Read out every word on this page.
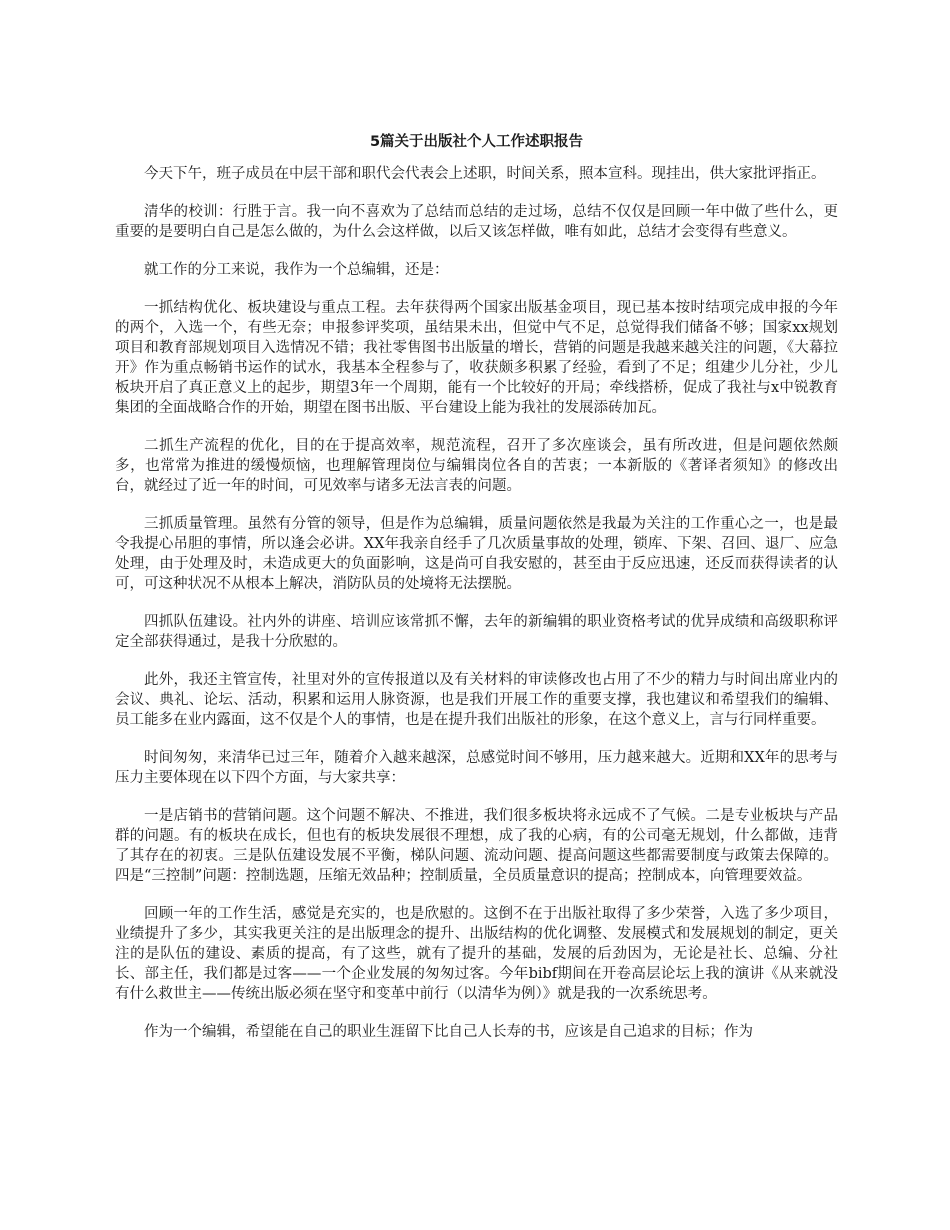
5篇关于出版社个人工作述职报告

今天下午，班子成员在中层干部和职代会代表会上述职，时间关系，照本宣科。现挂出，供大家批评指正。

清华的校训：行胜于言。我一向不喜欢为了总结而总结的走过场，总结不仅仅是回顾一年中做了些什么，更重要的是要明白自己是怎么做的，为什么会这样做，以后又该怎样做，唯有如此，总结才会变得有些意义。

就工作的分工来说，我作为一个总编辑，还是：

一抓结构优化、板块建设与重点工程。去年获得两个国家出版基金项目，现已基本按时结项完成申报的今年的两个，入选一个，有些无奈；申报参评奖项，虽结果未出，但觉中气不足，总觉得我们储备不够；国家xx规划项目和教育部规划项目入选情况不错；我社零售图书出版量的增长，营销的问题是我越来越关注的问题，《大幕拉开》作为重点畅销书运作的试水，我基本全程参与了，收获颇多积累了经验，看到了不足；组建少儿分社，少儿板块开启了真正意义上的起步，期望3年一个周期，能有一个比较好的开局；牵线搭桥，促成了我社与x中锐教育集团的全面战略合作的开始，期望在图书出版、平台建设上能为我社的发展添砖加瓦。

二抓生产流程的优化，目的在于提高效率，规范流程，召开了多次座谈会，虽有所改进，但是问题依然颇多，也常常为推进的缓慢烦恼，也理解管理岗位与编辑岗位各自的苦衷；一本新版的《著译者须知》的修改出台，就经过了近一年的时间，可见效率与诸多无法言表的问题。

三抓质量管理。虽然有分管的领导，但是作为总编辑，质量问题依然是我最为关注的工作重心之一，也是最令我提心吊胆的事情，所以逢会必讲。XX年我亲自经手了几次质量事故的处理，锁库、下架、召回、退厂、应急处理，由于处理及时，未造成更大的负面影响，这是尚可自我安慰的，甚至由于反应迅速，还反而获得读者的认可，可这种状况不从根本上解决，消防队员的处境将无法摆脱。

四抓队伍建设。社内外的讲座、培训应该常抓不懈，去年的新编辑的职业资格考试的优异成绩和高级职称评定全部获得通过，是我十分欣慰的。

此外，我还主管宣传，社里对外的宣传报道以及有关材料的审读修改也占用了不少的精力与时间出席业内的会议、典礼、论坛、活动，积累和运用人脉资源，也是我们开展工作的重要支撑，我也建议和希望我们的编辑、员工能多在业内露面，这不仅是个人的事情，也是在提升我们出版社的形象，在这个意义上，言与行同样重要。

时间匆匆，来清华已过三年，随着介入越来越深，总感觉时间不够用，压力越来越大。近期和XX年的思考与压力主要体现在以下四个方面，与大家共享：

一是店销书的营销问题。这个问题不解决、不推进，我们很多板块将永远成不了气候。二是专业板块与产品群的问题。有的板块在成长，但也有的板块发展很不理想，成了我的心病，有的公司毫无规划，什么都做，违背了其存在的初衷。三是队伍建设发展不平衡，梯队问题、流动问题、提高问题这些都需要制度与政策去保障的。四是“三控制”问题：控制选题，压缩无效品种；控制质量，全员质量意识的提高；控制成本，向管理要效益。

回顾一年的工作生活，感觉是充实的，也是欣慰的。这倒不在于出版社取得了多少荣誉，入选了多少项目，业绩提升了多少，其实我更关注的是出版理念的提升、出版结构的优化调整、发展模式和发展规划的制定，更关注的是队伍的建设、素质的提高，有了这些，就有了提升的基础，发展的后劲因为，无论是社长、总编、分社长、部主任，我们都是过客——一个企业发展的匆匆过客。今年bibf期间在开卷高层论坛上我的演讲《从来就没有什么救世主——传统出版必须在坚守和变革中前行（以清华为例）》就是我的一次系统思考。

作为一个编辑，希望能在自己的职业生涯留下比自己人长寿的书，应该是自己追求的目标；作为
